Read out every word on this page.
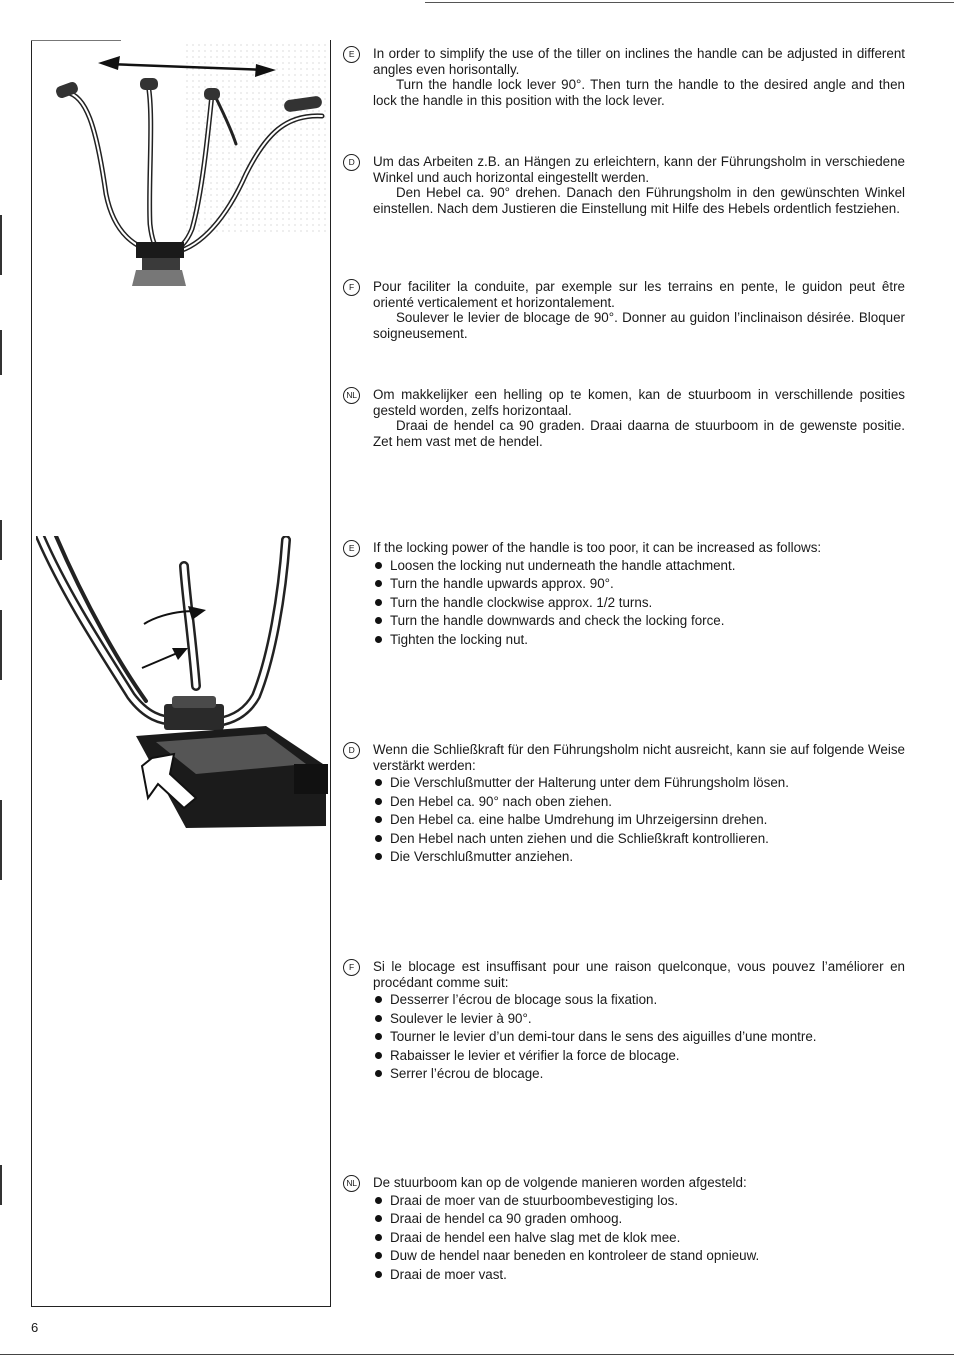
E	In order to simplify the use of the tiller on inclines the handle can be adjusted in different angles even horisontally.

Turn the handle lock lever 90°. Then turn the handle to the desired angle and then lock the handle in this position with the lock lever.

D	Um das Arbeiten z.B. an Hängen zu erleichtern, kann der Führungsholm in verschiedene Winkel und auch horizontal eingestellt werden.

Den Hebel ca. 90° drehen. Danach den Führungsholm in den gewünschten Winkel einstellen. Nach dem Justieren die Einstellung mit Hilfe des Hebels ordentlich festziehen.

F	Pour faciliter la conduite, par exemple sur les terrains en pente, le guidon peut être orienté verticalement et horizontalement.

Soulever le levier de blocage de 90°. Donner au guidon l’inclinaison désirée. Bloquer soigneusement.

NL Om makkelijker een helling op te komen, kan de stuurboom in verschillende posities gesteld worden, zelfs horizontaal.

Draai de hendel ca 90 graden. Draai daarna de stuurboom in de gewenste positie. Zet hem vast met de hendel.

E	If the locking power of the handle is too poor, it can be increased as follows:

Loosen the locking nut underneath the handle attachment.
Turn the handle upwards approx. 90°.
Turn the handle clockwise approx. 1/2 turns.
Turn the handle downwards and check the locking force.
Tighten the locking nut.
D	Wenn die Schließkraft für den Führungsholm nicht ausreicht, kann sie auf folgende Weise verstärkt werden:

Die Verschlußmutter der Halterung unter dem Führungsholm lösen.
Den Hebel ca. 90° nach oben ziehen.
Den Hebel ca. eine halbe Umdrehung im Uhrzeigersinn drehen.
Den Hebel nach unten ziehen und die Schließkraft kontrollieren.
Die Verschlußmutter anziehen.
F	Si le blocage est insuffisant pour une raison quelconque, vous pouvez l’améliorer en procédant comme suit:

Desserrer l’écrou de blocage sous la fixation.
Soulever le levier à 90°.
Tourner le levier d’un demi-tour dans le sens des aiguilles d’une montre.
Rabaisser le levier et vérifier la force de blocage.
Serrer l’écrou de blocage.
NL De stuurboom kan op de volgende manieren worden afgesteld:

Draai de moer van de stuurboombevestiging los.
Draai de hendel ca 90 graden omhoog.
Draai de hendel een halve slag met de klok mee.
Duw de hendel naar beneden en kontroleer de stand opnieuw.
Draai de moer vast.
6
